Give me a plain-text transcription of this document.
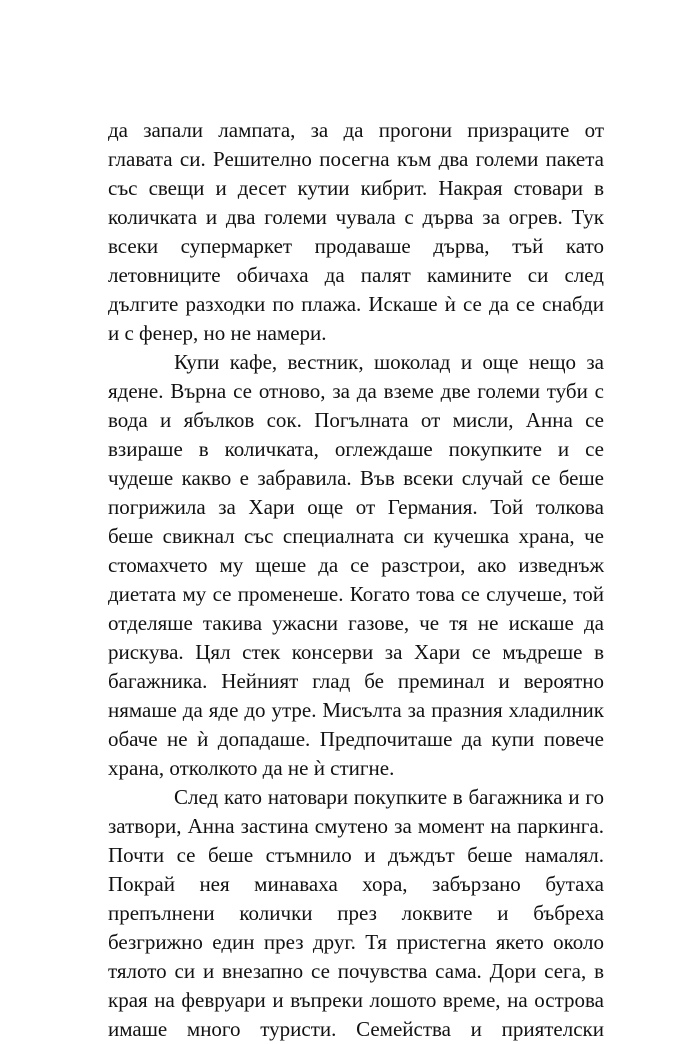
да запали лампата, за да прогони призраците от
главата си. Решително посегна към два големи пакета
със свещи и десет кутии кибрит. Накрая стовари в
количката и два големи чувала с дърва за огрев. Тук
всеки супермаркет продаваше дърва, тъй като
летовниците обичаха да палят камините си след
дългите разходки по плажа. Искаше ѝ се да се снабди
и с фенер, но не намери.
Купи кафе, вестник, шоколад и още нещо за
ядене. Върна се отново, за да вземе две големи туби с
вода и ябълков сок. Погълната от мисли, Анна се
взираше в количката, оглеждаше покупките и се
чудеше какво е забравила. Във всеки случай се беше
погрижила за Хари още от Германия. Той толкова
беше свикнал със специалната си кучешка храна, че
стомахчето му щеше да се разстрои, ако изведнъж
диетата му се променеше. Когато това се случеше, той
отделяше такива ужасни газове, че тя не искаше да
рискува. Цял стек консерви за Хари се мъдреше в
багажника. Нейният глад бе преминал и вероятно
нямаше да яде до утре. Мисълта за празния хладилник
обаче не ѝ допадаше. Предпочиташе да купи повече
храна, отколкото да не ѝ стигне.
След като натовари покупките в багажника и го
затвори, Анна застина смутено за момент на паркинга.
Почти се беше стъмнило и дъждът беше намалял.
Покрай нея минаваха хора, забързано бутаха
препълнени колички през локвите и бъбреха
безгрижно един през друг. Тя пристегна якето около
тялото си и внезапно се почувства сама. Дори сега, в
края на февруари и въпреки лошото време, на острова
имаше много туристи. Семейства и приятелски
